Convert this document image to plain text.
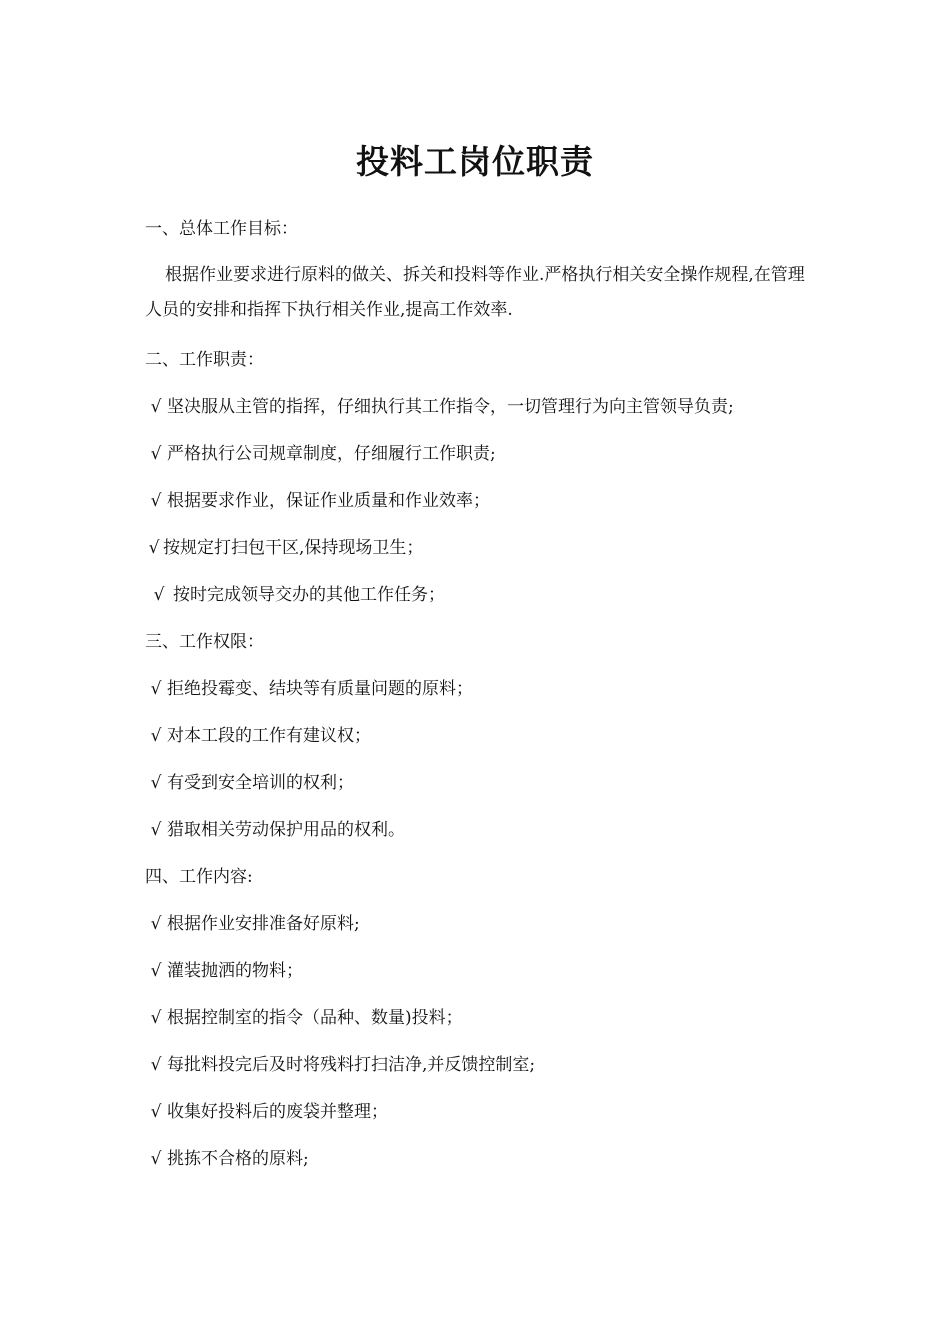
投料工岗位职责
一、总体工作目标：
根据作业要求进行原料的做关、拆关和投料等作业.严格执行相关安全操作规程,在管理人员的安排和指挥下执行相关作业,提高工作效率.
二、工作职责：
√ 坚决服从主管的指挥，仔细执行其工作指令，一切管理行为向主管领导负责;
√ 严格执行公司规章制度，仔细履行工作职责;
√ 根据要求作业，保证作业质量和作业效率；
√ 按规定打扫包干区,保持现场卫生；
√ 按时完成领导交办的其他工作任务；
三、工作权限：
√ 拒绝投霉变、结块等有质量问题的原料；
√ 对本工段的工作有建议权；
√ 有受到安全培训的权利；
√ 猎取相关劳动保护用品的权利。
四、工作内容:
√ 根据作业安排准备好原料;
√ 灌装抛洒的物料；
√ 根据控制室的指令（品种、数量)投料；
√ 每批料投完后及时将残料打扫洁净,并反馈控制室;
√ 收集好投料后的废袋并整理；
√ 挑拣不合格的原料;
